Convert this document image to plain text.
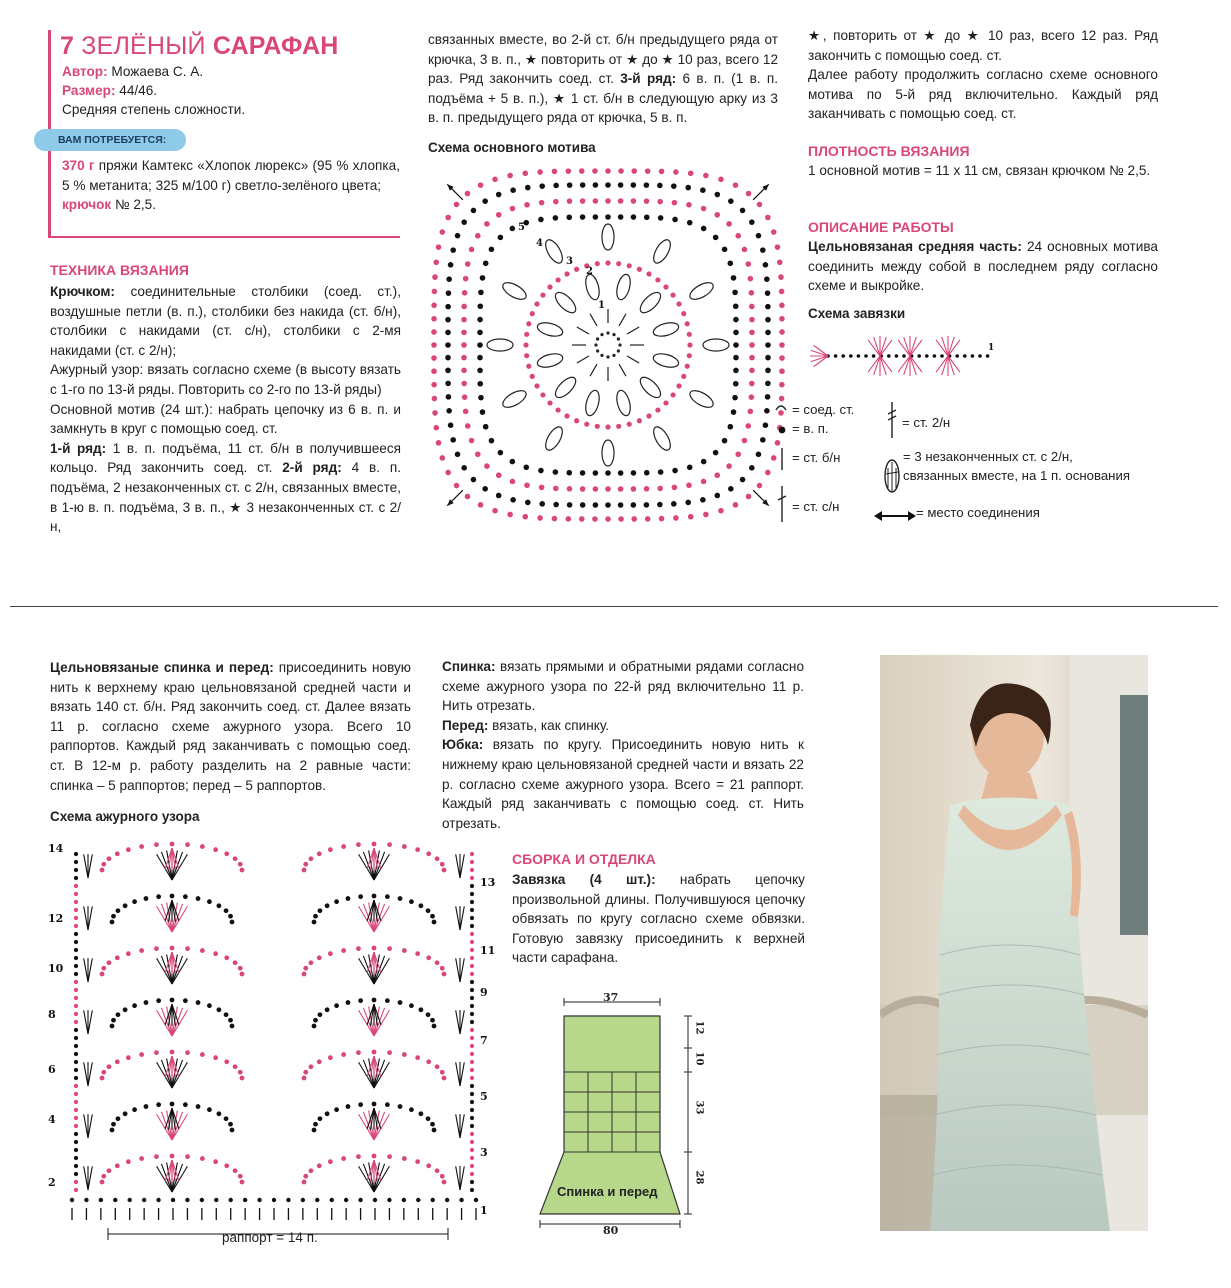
7 ЗЕЛЁНЫЙ САРАФАН
Автор: Можаева С. А.
Размер: 44/46.
Средняя степень сложности.
ВАМ ПОТРЕБУЕТСЯ:
370 г пряжи Камтекс «Хлопок люрекс» (95 % хлопка, 5 % метанита; 325 м/100 г) светло-зелёного цвета;
крючок № 2,5.
ТЕХНИКА ВЯЗАНИЯ
Крючком: соединительные столбики (соед. ст.), воздушные петли (в. п.), столбики без накида (ст. б/н), столбики с накидами (ст. с/н), столбики с 2-мя накидами (ст. с 2/н);
Ажурный узор: вязать согласно схеме (в высоту вязать с 1-го по 13-й ряды. Повторить со 2-го по 13-й ряды)
Основной мотив (24 шт.): набрать цепочку из 6 в. п. и замкнуть в круг с помощью соед. ст.
1-й ряд: 1 в. п. подъёма, 11 ст. б/н в получившееся кольцо. Ряд закончить соед. ст. 2-й ряд: 4 в. п. подъёма, 2 незаконченных ст. с 2/н, связанных вместе, в 1-ю в. п. подъёма, 3 в. п., ★ 3 незаконченных ст. с 2/н,
связанных вместе, во 2-й ст. б/н предыдущего ряда от крючка, 3 в. п., ★ повторить от ★ до ★ 10 раз, всего 12 раз. Ряд закончить соед. ст. 3-й ряд: 6 в. п. (1 в. п. подъёма + 5 в. п.), ★ 1 ст. б/н в следующую арку из 3 в. п. предыдущего ряда от крючка, 5 в. п.
Схема основного мотива
5
4
3
2
1
★, повторить от ★ до ★ 10 раз, всего 12 раз. Ряд закончить с помощью соед. ст.
Далее работу продолжить согласно схеме основного мотива по 5-й ряд включительно. Каждый ряд заканчивать с помощью соед. ст.
ПЛОТНОСТЬ ВЯЗАНИЯ
1 основной мотив = 11 х 11 см, связан крючком № 2,5.
ОПИСАНИЕ РАБОТЫ
Цельновязаная средняя часть: 24 основных мотива соединить между собой в последнем ряду согласно схеме и выкройке.
Схема завязки
1
= соед. ст.
= в. п.
= ст. б/н
= ст. с/н
= ст. 2/н
= 3 незаконченных ст. с 2/н,
связанных вместе, на 1 п. основания
= место соединения
Цельновязаные спинка и перед: присоединить новую нить к верхнему краю цельновязаной средней части и вязать 140 ст. б/н. Ряд закончить соед. ст. Далее вязать 11 р. согласно схеме ажурного узора. Всего 10 раппортов. Каждый ряд заканчивать с помощью соед. ст. В 12-м р. работу разделить на 2 равные части: спинка – 5 раппортов; перед – 5 раппортов.
Схема ажурного узора
14
12
10
8
6
4
2
13
11
9
7
5
3
1
раппорт = 14 п.
Спинка: вязать прямыми и обратными рядами согласно схеме ажурного узора по 22-й ряд включительно 11 р. Нить отрезать.
Перед: вязать, как спинку.
Юбка: вязать по кругу. Присоединить новую нить к нижнему краю цельновязаной средней части и вязать 22 р. согласно схеме ажурного узора. Всего = 21 раппорт. Каждый ряд заканчивать с помощью соед. ст. Нить отрезать.
СБОРКА И ОТДЕЛКА
Завязка (4 шт.): набрать цепочку произвольной длины. Получившуюся цепочку обвязать по кругу согласно схеме обвязки. Готовую завязку присоединить к верхней части сарафана.
37
80
12
10
33
28
Спинка и перед
